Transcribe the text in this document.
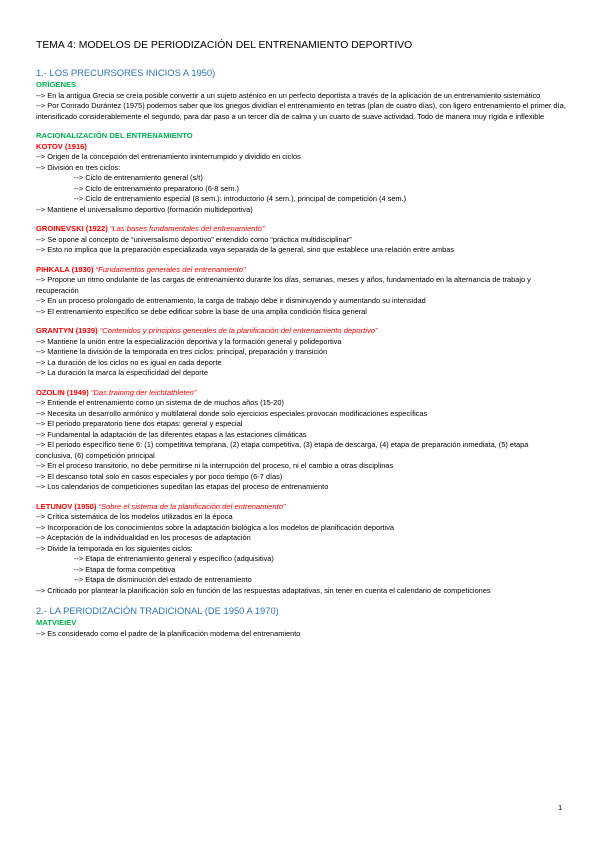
TEMA 4: MODELOS DE PERIODIZACIÓN DEL ENTRENAMIENTO DEPORTIVO
1.- LOS PRECURSORES INICIOS A 1950)

ORÍGENES

--> En la antigua Grecia se creía posible convertir a un sujeto asténico en un perfecto deportista a través de la aplicación de un entrenamiento sistemático

--> Por Conrado Durántez (1975) podemos saber que los griegos dividían el entrenamiento en tetras (plan de cuatro días), con ligero entrenamiento el primer día, intensificado considerablemente el segundo, para dar paso a un tercer día de calma y un cuarto de suave actividad. Todo de manera muy rígida e inflexible

RACIONALIZACIÓN DEL ENTRENAMIENTO

KOTOV (1916)

--> Origen de la concepción del entrenamiento ininterrumpido y dividido en ciclos

--> División en tres ciclos:

--> Ciclo de entrenamiento general (s/t)

--> Ciclo de entrenamiento preparatorio (6-8 sem.)

--> Ciclo de entrenamiento especial (8 sem.): introductorio (4 sem.), principal de competición (4 sem.)

--> Mantiene el universalismo deportivo (formación multideportiva)

GROINEVSKI (1922) “Las bases fundamentales del entrenamiento”

--> Se opone al concepto de “universalismo deportivo” entendido como “práctica multidisciplinar”

--> Esto no implica que la preparación especializada vaya separada de la general, sino que establece una relación entre ambas

PIHKALA (1930) “Fundamentos generales del entrenamiento”

--> Propone un ritmo ondulante de las cargas de entrenamiento durante los días, semanas, meses y años, fundamentado en la alternancia de trabajo y recuperación

--> En un proceso prolongado de entrenamiento, la carga de trabajo debe ir disminuyendo y aumentando su intensidad

--> El entrenamiento específico se debe edificar sobre la base de una amplia condición física general

GRANTYN (1939) “Contenidos y principios generales de la planificación del entrenamiento deportivo”

--> Mantiene la unión entre la especialización deportiva y la formación general y polideportiva

--> Mantiene la división de la temporada en tres ciclos: principal, preparación y transición

--> La duración de los ciclos no es igual en cada deporte

--> La duración la marca la especificidad del deporte

OZOLIN (1949) “Das training der leichtathleten”

--> Entiende el entrenamiento como un sistema de de muchos años (15-20)

--> Necesita un desarrollo armónico y multilateral donde solo ejercicios especiales provocan modificaciones específicas

--> El periodo preparatorio tiene dos etapas: general y especial

--> Fundamental la adaptación de las diferentes etapas a las estaciones climáticas

--> El periodo específico tiene 6: (1) competitiva temprana, (2) etapa competitiva, (3) etapa de descarga, (4) etapa de preparación inmediata, (5) etapa conclusiva, (6) competición principal

--> En el proceso transitorio, no debe permitirse ni la interrupción del proceso, ni el cambio a otras disciplinas

--> El descanso total solo en casos especiales y por poco tiempo (6-7 días)

--> Los calendarios de competiciones supeditan las etapas del proceso de entrenamiento

LETUNOV (1950) “Sobre el sistema de la planificación del entrenamiento”

--> Crítica sistemática de los modelos utilizados en la época

--> Incorporación de los conocimientos sobre la adaptación biológica a los modelos de planificación deportiva

--> Aceptación de la individualidad en los procesos de adaptación

--> Divide la temporada en los siguientes ciclos:

--> Etapa de entrenamiento general y específico (adquisitiva)

--> Etapa de forma competitiva

--> Etapa de disminución del estado de entrenamiento

--> Criticado por plantear la planificación solo en función de las respuestas adaptativas, sin tener en cuenta el calendario de competiciones

2.- LA PERIODIZACIÓN TRADICIONAL (DE 1950 A 1970)

MATVIEIEV

--> Es considerado como el padre de la planificación moderna del entrenamiento

1
